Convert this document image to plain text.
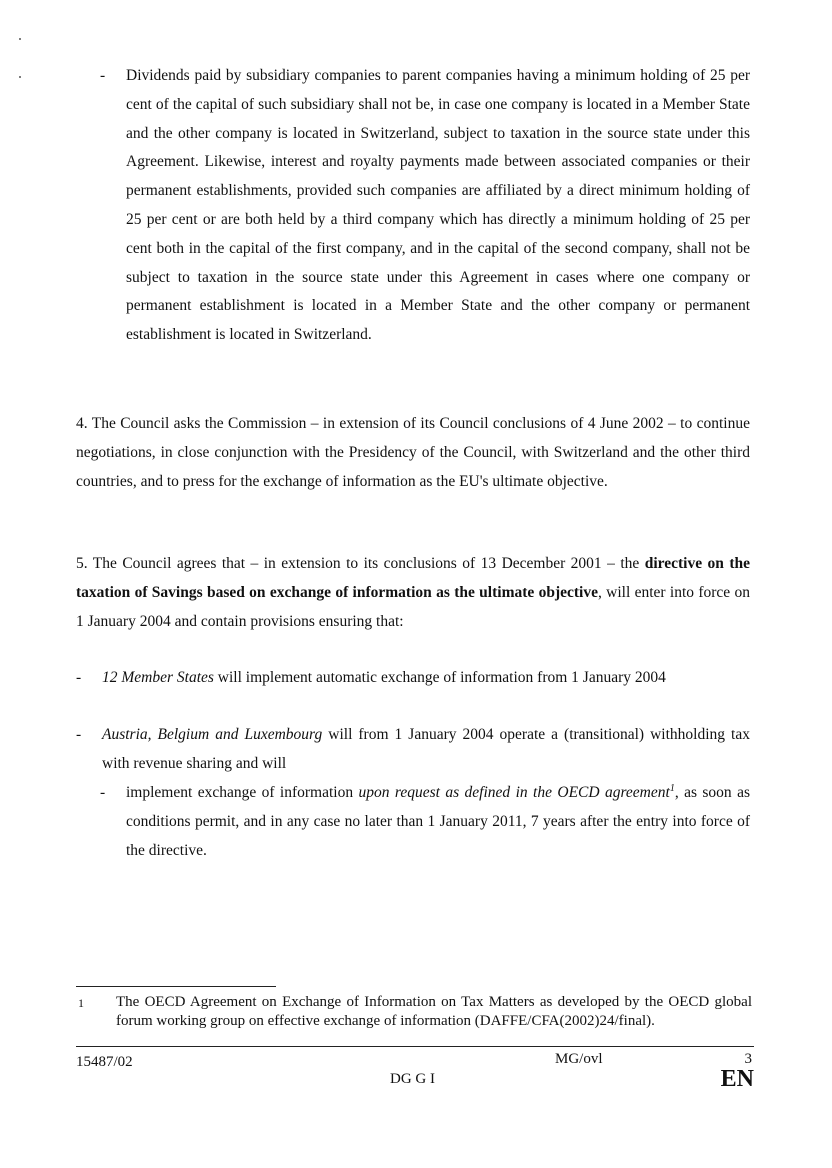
-	Dividends paid by subsidiary companies to parent companies having a minimum holding of 25 per cent of the capital of such subsidiary shall not be, in case one company is located in a Member State and the other company is located in Switzerland, subject to taxation in the source state under this Agreement. Likewise, interest and royalty payments made between associated companies or their permanent establishments, provided such companies are affiliated by a direct minimum holding of 25 per cent or are both held by a third company which has directly a minimum holding of 25 per cent both in the capital of the first company, and in the capital of the second company, shall not be subject to taxation in the source state under this Agreement in cases where one company or permanent establishment is located in a Member State and the other company or permanent establishment is located in Switzerland.

4. The Council asks the Commission – in extension of its Council conclusions of 4 June 2002 – to continue negotiations, in close conjunction with the Presidency of the Council, with Switzerland and the other third countries, and to press for the exchange of information as the EU's ultimate objective.

5. The Council agrees that – in extension to its conclusions of 13 December 2001 – the directive on the taxation of Savings based on exchange of information as the ultimate objective, will enter into force on 1 January 2004 and contain provisions ensuring that:

-	12 Member States will implement automatic exchange of information from 1 January 2004
-	Austria, Belgium and Luxembourg will from 1 January 2004 operate a (transitional) withholding tax with revenue sharing and will
-	implement exchange of information upon request as defined in the OECD agreement$^1$, as soon as conditions permit, and in any case no later than 1 January 2011, 7 years after the entry into force of the directive.
1 The OECD Agreement on Exchange of Information on Tax Matters as developed by the OECD global forum working group on effective exchange of information (DAFFE/CFA(2002)24/final).
15487/02	MG/ovl	3
DG G I	EN
